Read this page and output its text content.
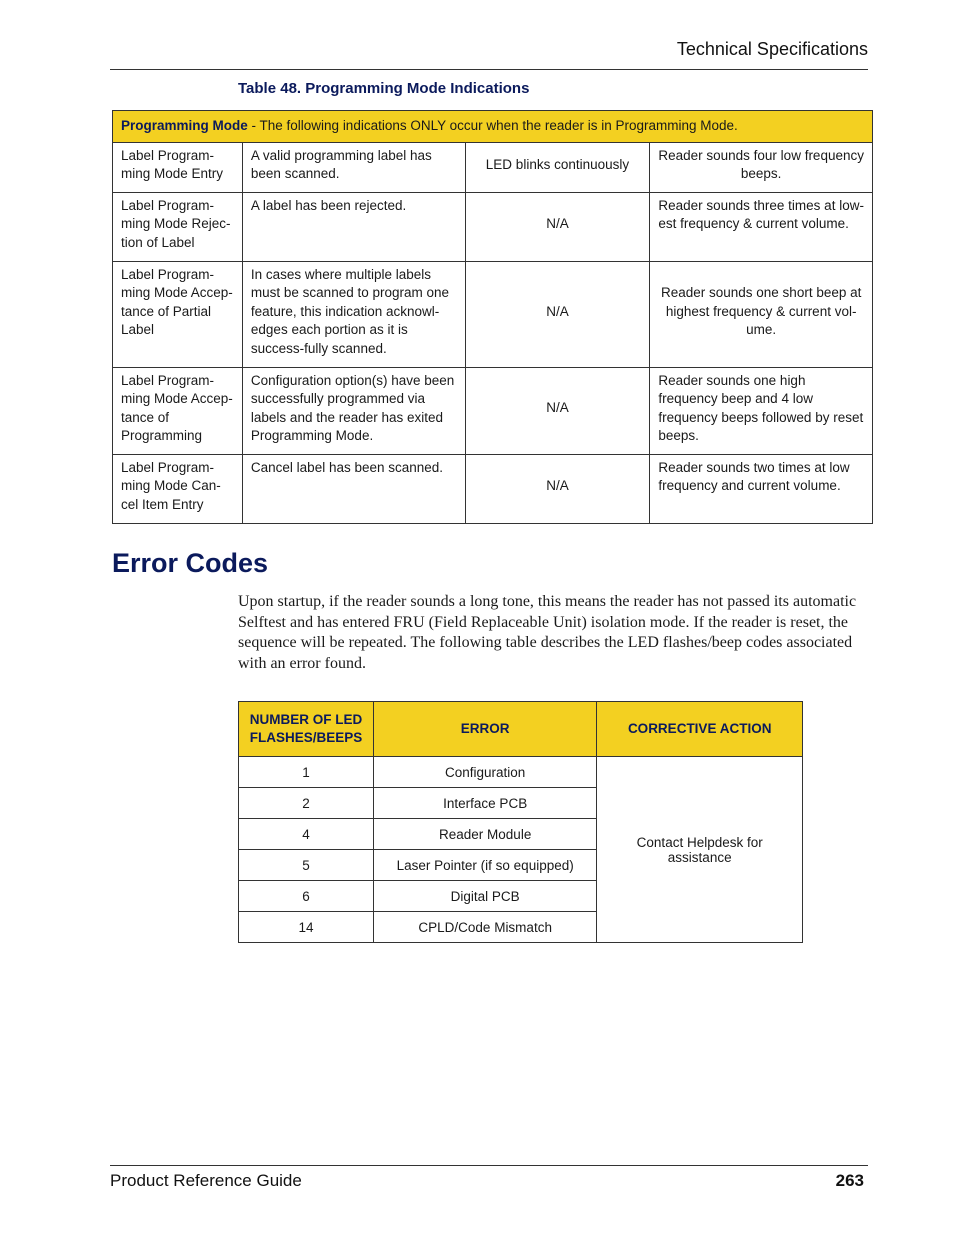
Technical Specifications
Table 48. Programming Mode Indications
Programming Mode - The following indications ONLY occur when the reader is in Programming Mode.			
Label Program-ming Mode Entry	A valid programming label has been scanned.	LED blinks continuously	Reader sounds four low frequency beeps.
Label Program-ming Mode Rejec-tion of Label	A label has been rejected.	N/A	Reader sounds three times at low-est frequency & current volume.
Label Program-ming Mode Accep-tance of Partial Label	In cases where multiple labels must be scanned to program one feature, this indication acknowl-edges each portion as it is success-fully scanned.	N/A	Reader sounds one short beep at highest frequency & current vol-ume.
Label Program-ming Mode Accep-tance of Programming	Configuration option(s) have been successfully programmed via labels and the reader has exited Programming Mode.	N/A	Reader sounds one high frequency beep and 4 low frequency beeps followed by reset beeps.
Label Program-ming Mode Can-cel Item Entry	Cancel label has been scanned.	N/A	Reader sounds two times at low frequency and current volume.
Error Codes

Upon startup, if the reader sounds a long tone, this means the reader has not passed its automatic Selftest and has entered FRU (Field Replaceable Unit) isolation mode. If the reader is reset, the sequence will be repeated. The following table describes the LED flashes/beep codes associated with an error found.

NUMBER OF LED FLASHES/BEEPS	ERROR	CORRECTIVE ACTION
1	Configuration	Contact Helpdesk for assistance
2	Interface PCB	
4	Reader Module	
5	Laser Pointer (if so equipped)	
6	Digital PCB	
14	CPLD/Code Mismatch	
Product Reference Guide	263
